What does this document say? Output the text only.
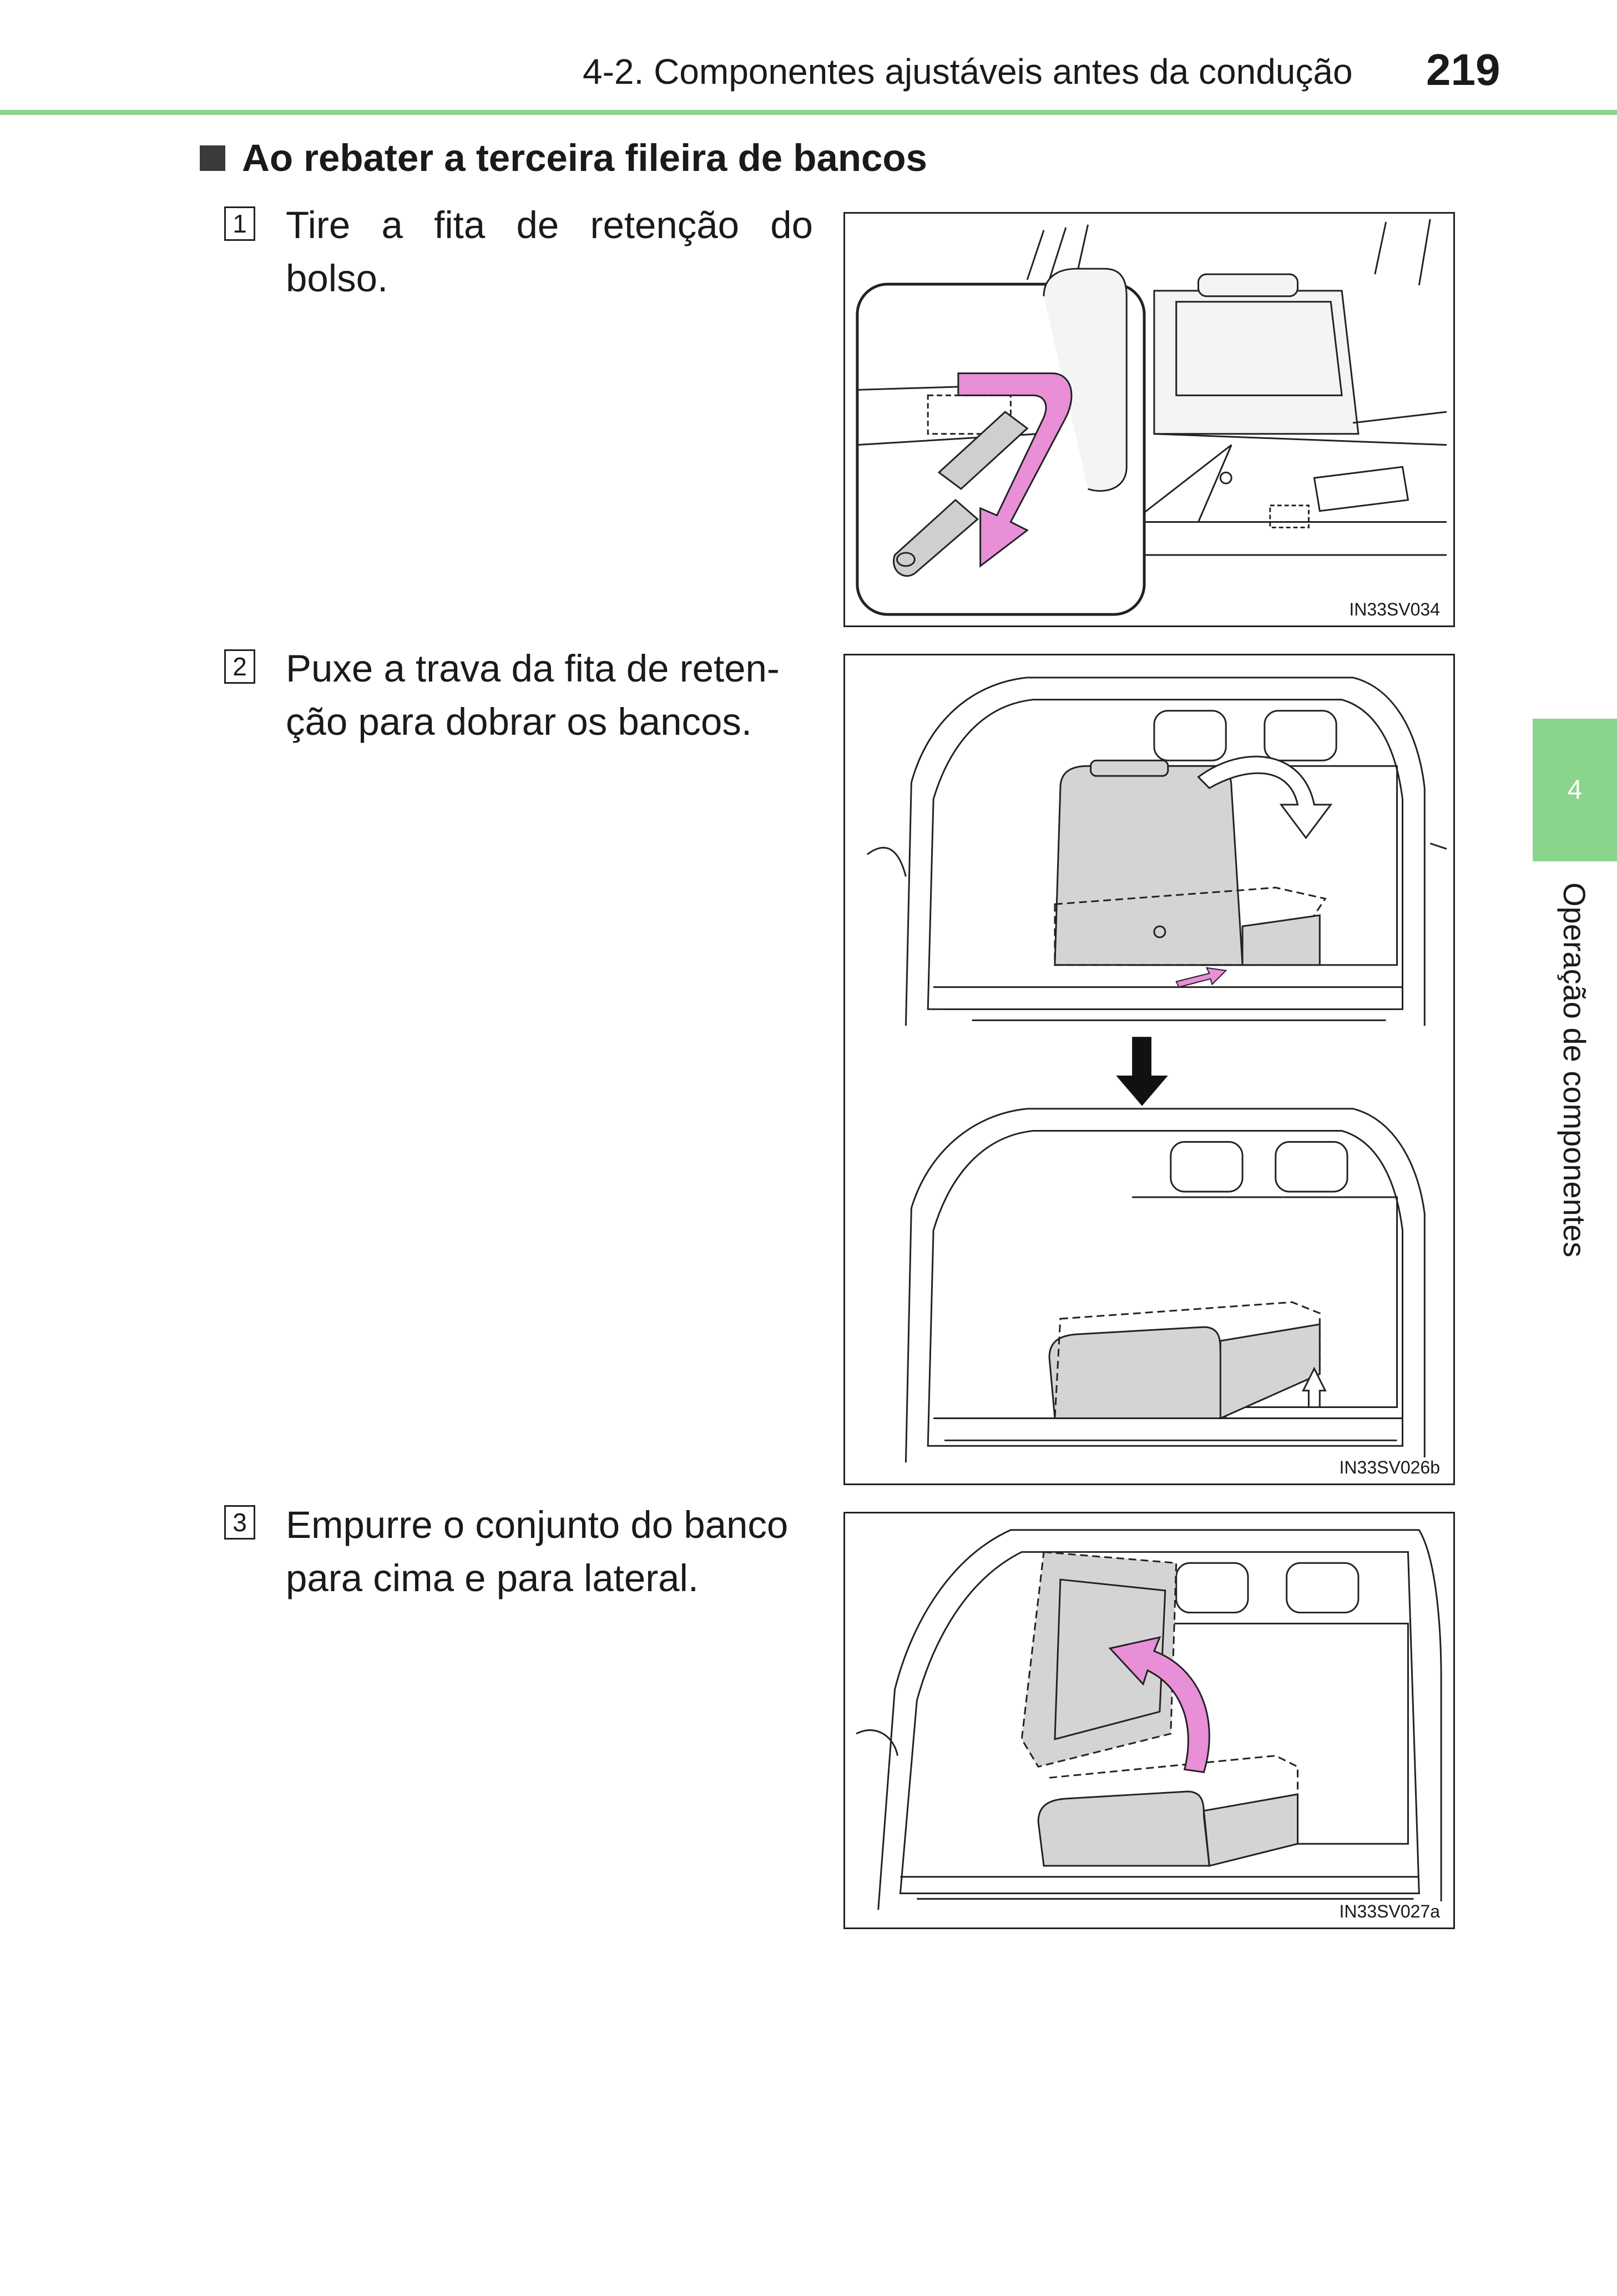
4-2. Componentes ajustáveis antes da condução 219
Ao rebater a terceira fileira de bancos
1 Tire a fita de retenção do bolso.
2 Puxe a trava da fita de reten-ção para dobrar os bancos.
3 Empurre o conjunto do banco para cima e para lateral.
IN33SV034
IN33SV026b
IN33SV027a
4
Operação de componentes
